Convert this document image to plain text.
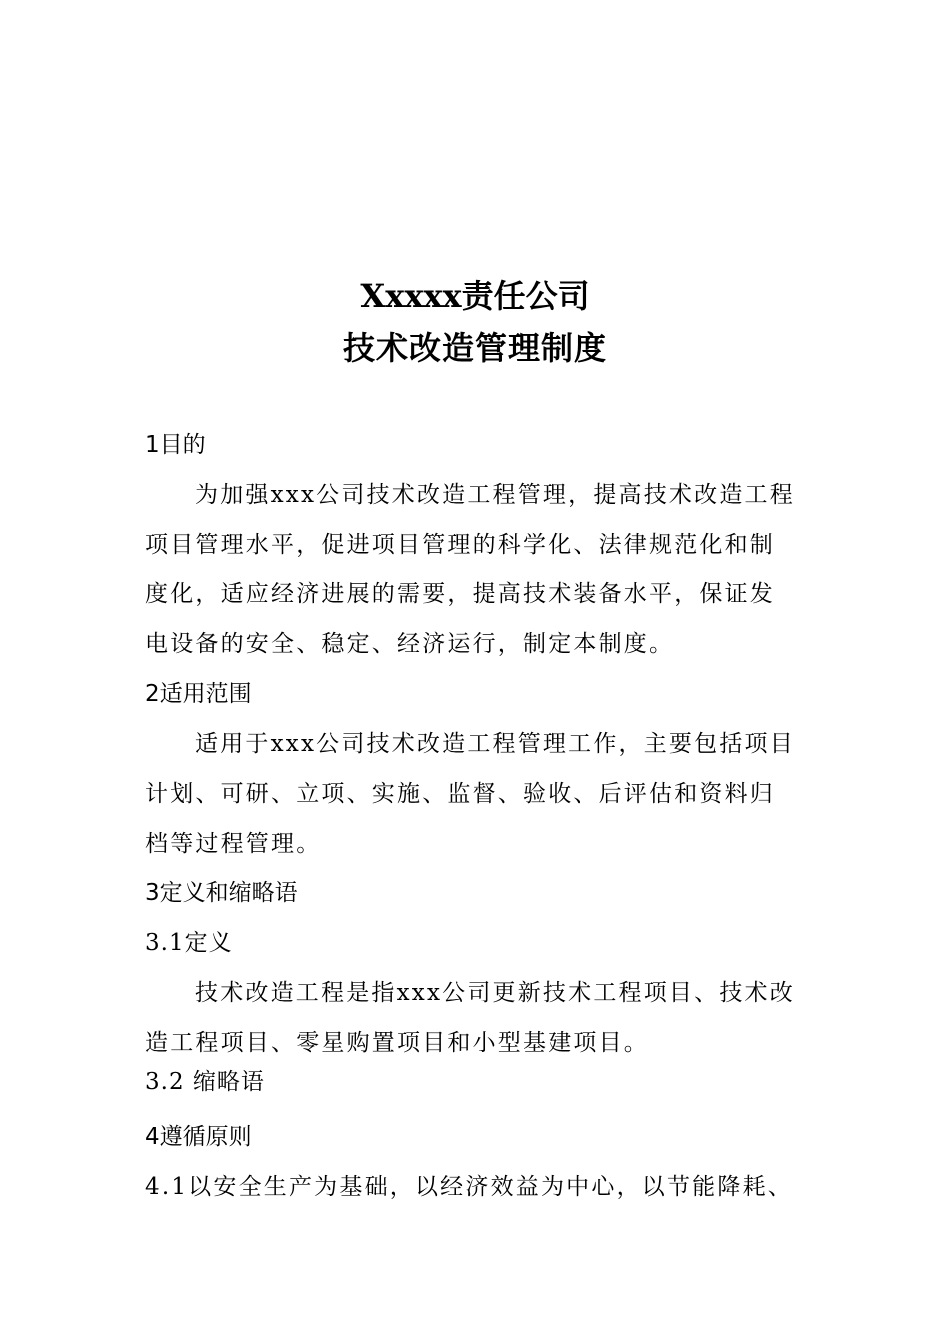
Xxxxx责任公司
技术改造管理制度
1目的
为加强xxx公司技术改造工程管理，提高技术改造工程
项目管理水平，促进项目管理的科学化、法律规范化和制
度化，适应经济进展的需要，提高技术装备水平，保证发
电设备的安全、稳定、经济运行，制定本制度。
2适用范围
适用于xxx公司技术改造工程管理工作，主要包括项目
计划、可研、立项、实施、监督、验收、后评估和资料归
档等过程管理。
3定义和缩略语
3.1定义
技术改造工程是指xxx公司更新技术工程项目、技术改
造工程项目、零星购置项目和小型基建项目。
3.2 缩略语
4遵循原则
4.1以安全生产为基础，以经济效益为中心，以节能降耗、
